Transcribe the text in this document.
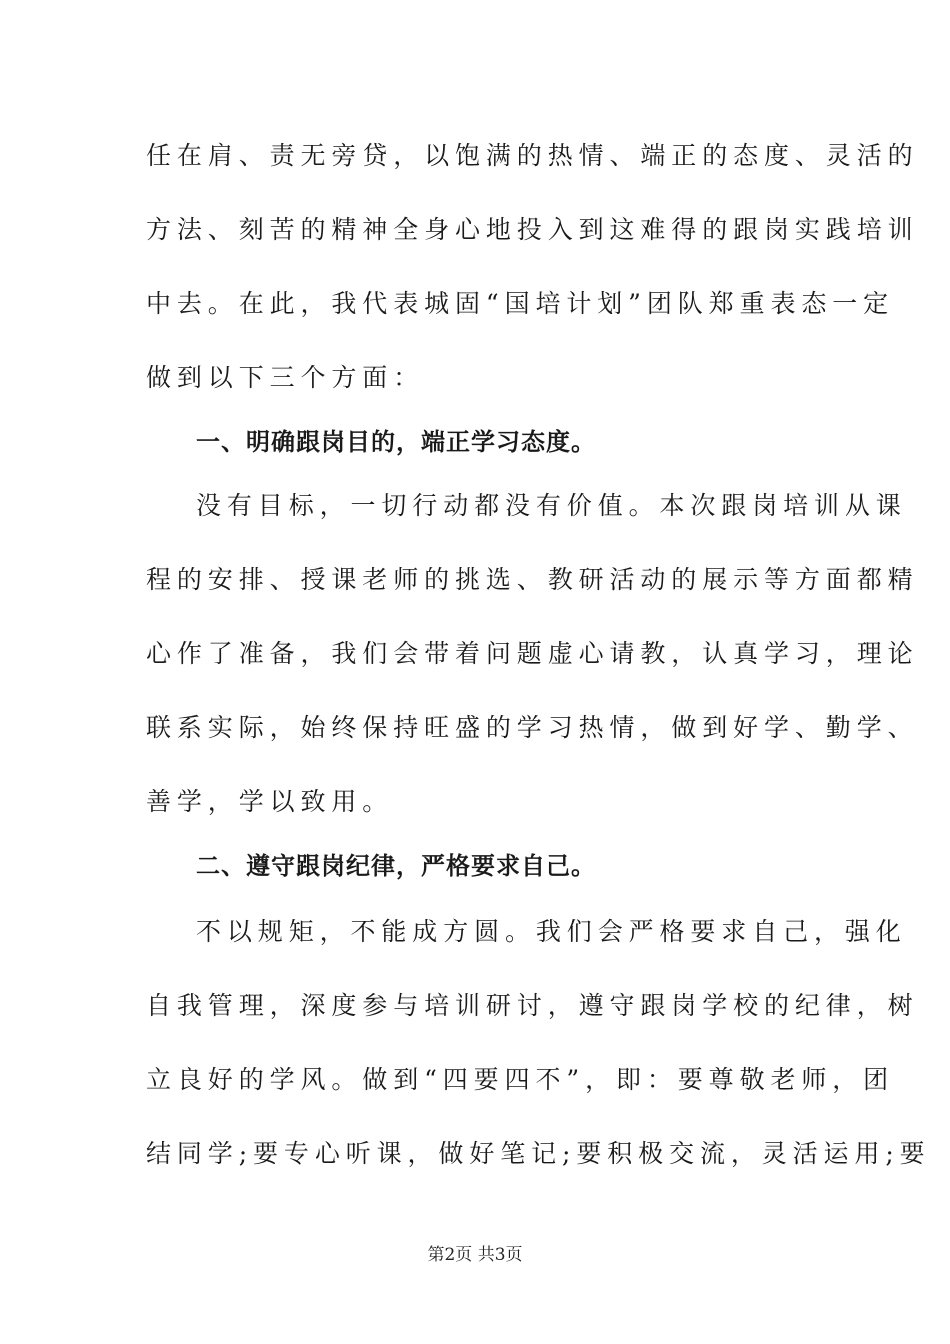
任在肩、责无旁贷，以饱满的热情、端正的态度、灵活的
方法、刻苦的精神全身心地投入到这难得的跟岗实践培训
中去。在此，我代表城固“国培计划”团队郑重表态一定
做到以下三个方面：
一、明确跟岗目的，端正学习态度。
没有目标，一切行动都没有价值。本次跟岗培训从课
程的安排、授课老师的挑选、教研活动的展示等方面都精
心作了准备，我们会带着问题虚心请教，认真学习，理论
联系实际，始终保持旺盛的学习热情，做到好学、勤学、
善学，学以致用。
二、遵守跟岗纪律，严格要求自己。
不以规矩，不能成方圆。我们会严格要求自己，强化
自我管理，深度参与培训研讨，遵守跟岗学校的纪律，树
立良好的学风。做到“四要四不”，即：要尊敬老师，团
结同学;要专心听课，做好笔记;要积极交流，灵活运用;要
第2页 共3页
